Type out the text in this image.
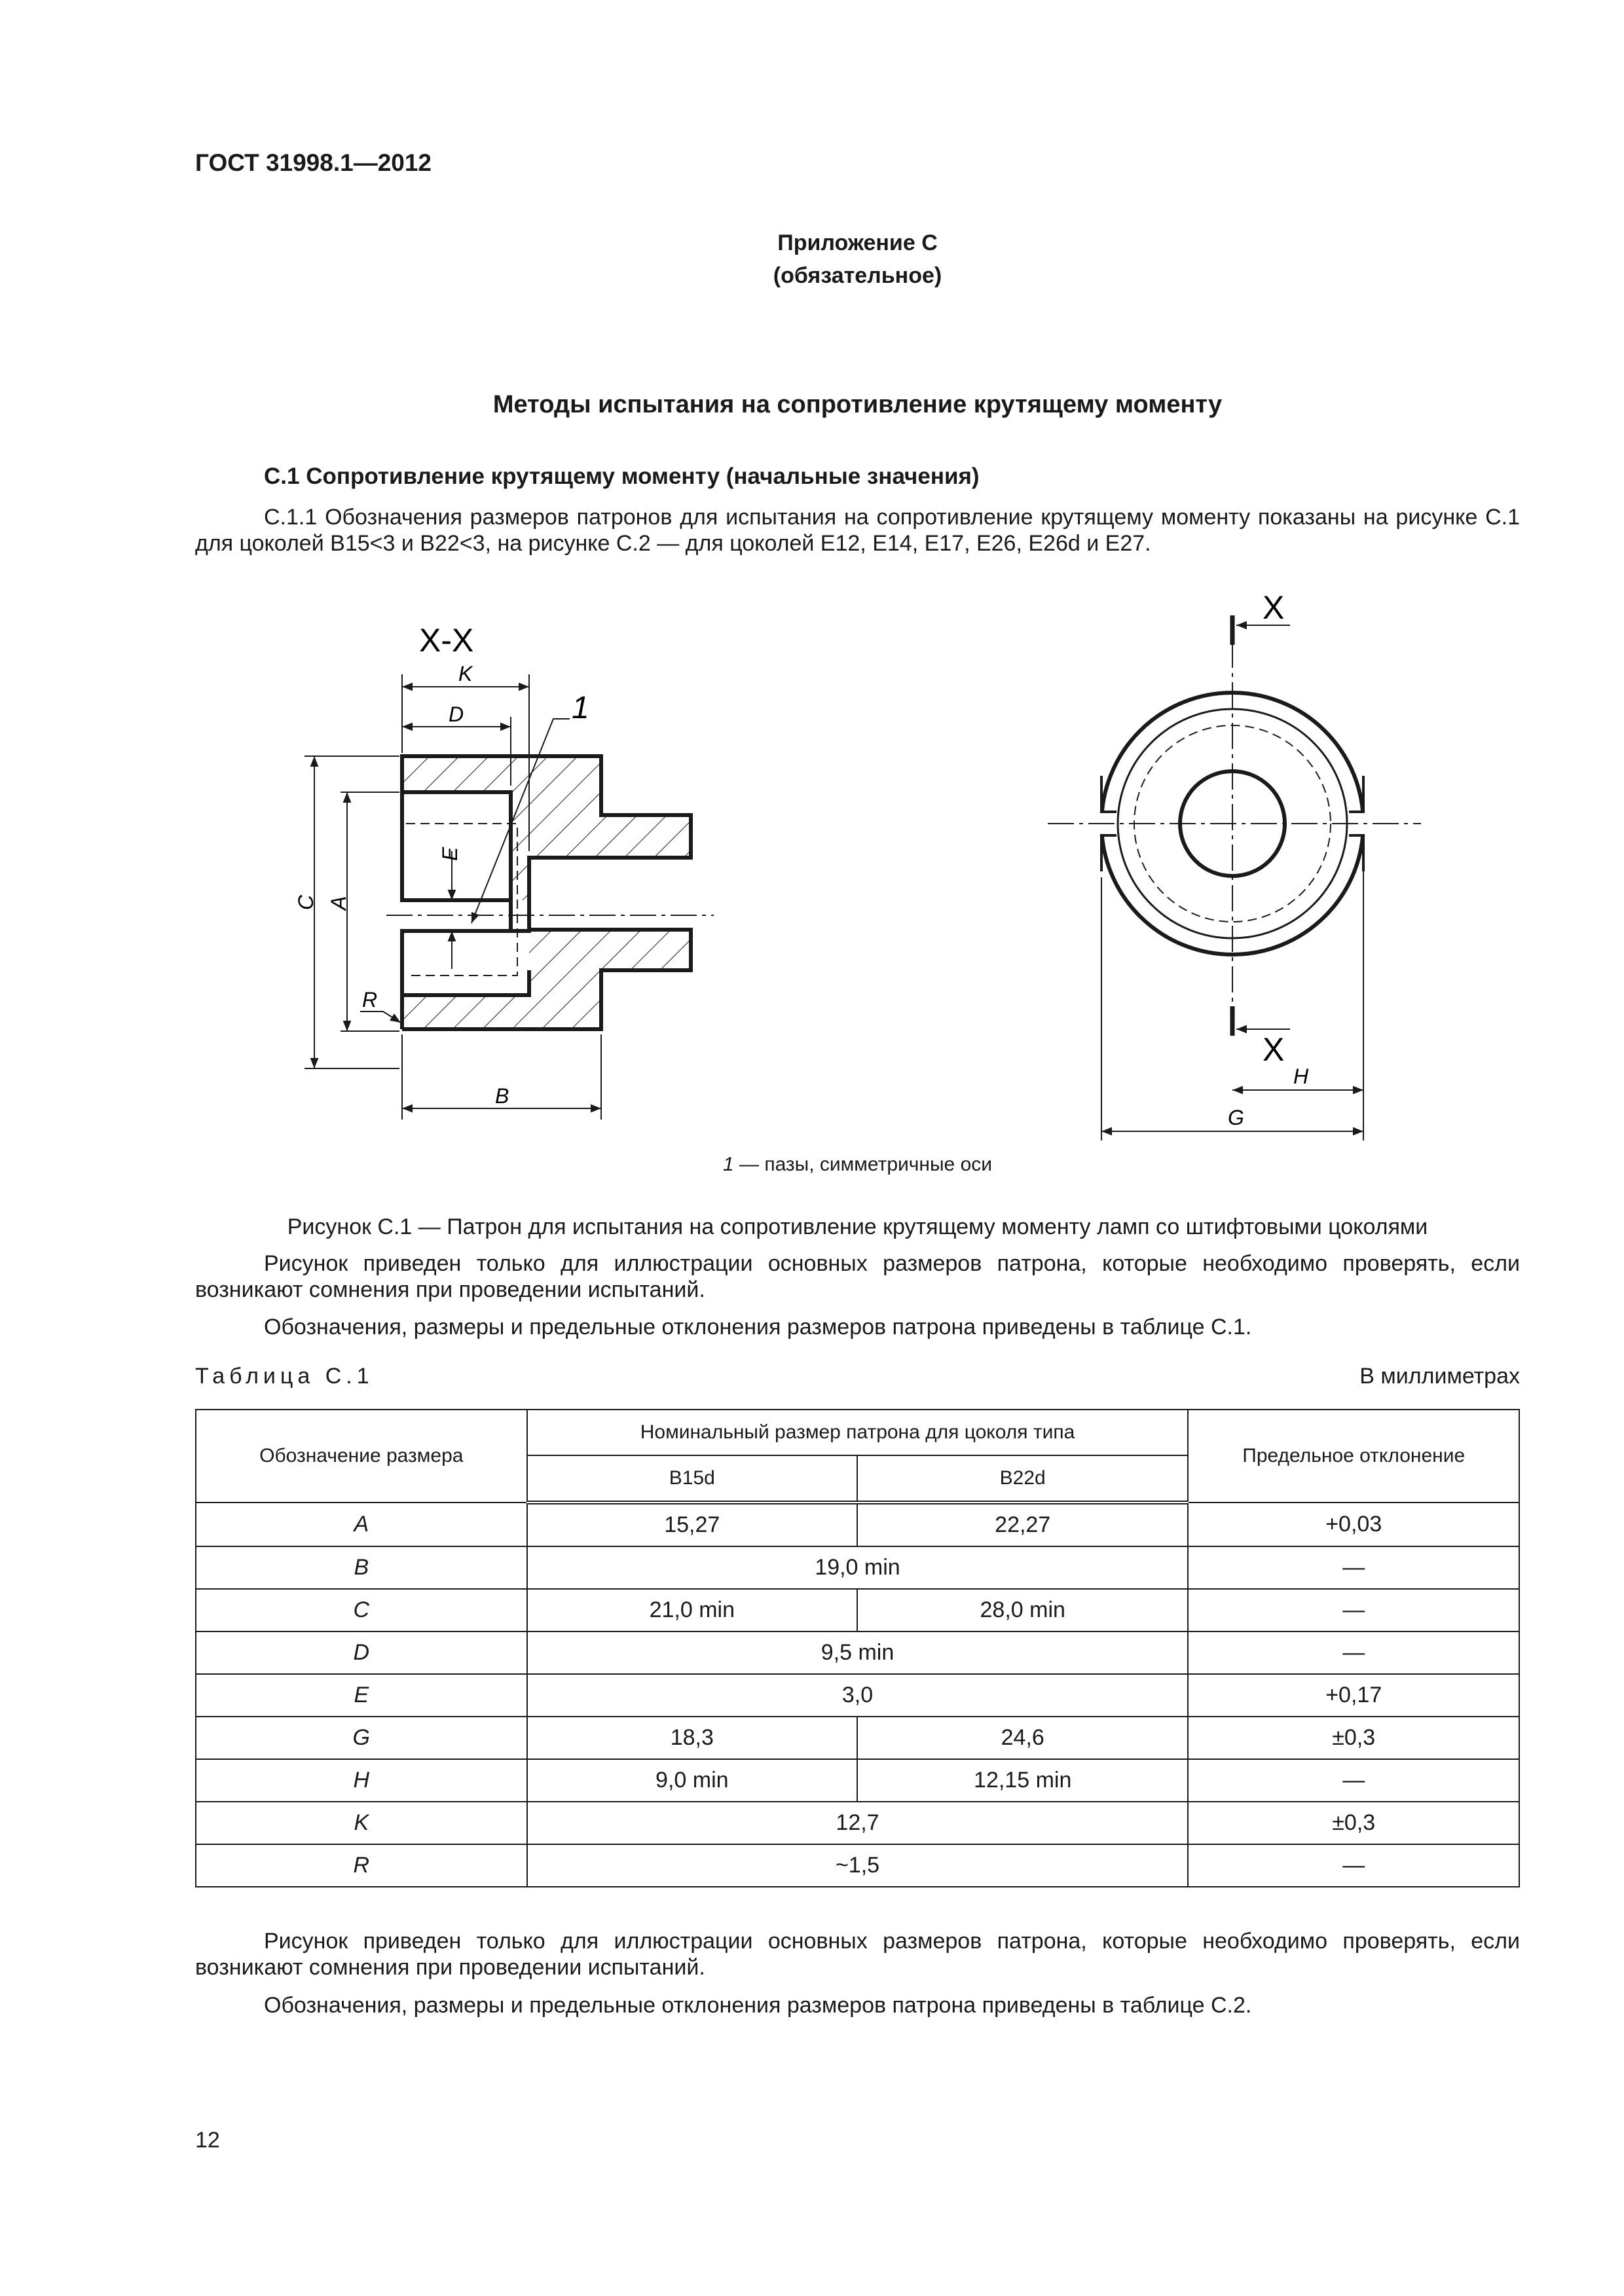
ГОСТ 31998.1—2012
Приложение С
(обязательное)
Методы испытания на сопротивление крутящему моменту
С.1 Сопротивление крутящему моменту (начальные значения)
С.1.1 Обозначения размеров патронов для испытания на сопротивление крутящему моменту показаны на рисунке С.1 для цоколей В15<3 и В22<3, на рисунке С.2 — для цоколей Е12, Е14, Е17, Е26, Е26d и Е27.
X-X
K
D	1
E
C A
R
B
X
X
H
G
1 — пазы, симметричные оси
Рисунок С.1 — Патрон для испытания на сопротивление крутящему моменту ламп со штифтовыми цоколями
Рисунок приведен только для иллюстрации основных размеров патрона, которые необходимо проверять, если возникают сомнения при проведении испытаний.
Обозначения, размеры и предельные отклонения размеров патрона приведены в таблице С.1.
Таблица С.1	В миллиметрах
Обозначение размера	Номинальный размер патрона для цоколя типа		Предельное отклонение
	B15d	B22d	
A	15,27	22,27	+0,03
B	19,0 min		—
C	21,0 min	28,0 min	—
D	9,5 min		—
E	3,0		+0,17
G	18,3	24,6	±0,3
H	9,0 min	12,15 min	—
K	12,7		±0,3
R	~1,5		—
Рисунок приведен только для иллюстрации основных размеров патрона, которые необходимо проверять, если возникают сомнения при проведении испытаний.
Обозначения, размеры и предельные отклонения размеров патрона приведены в таблице С.2.
12
